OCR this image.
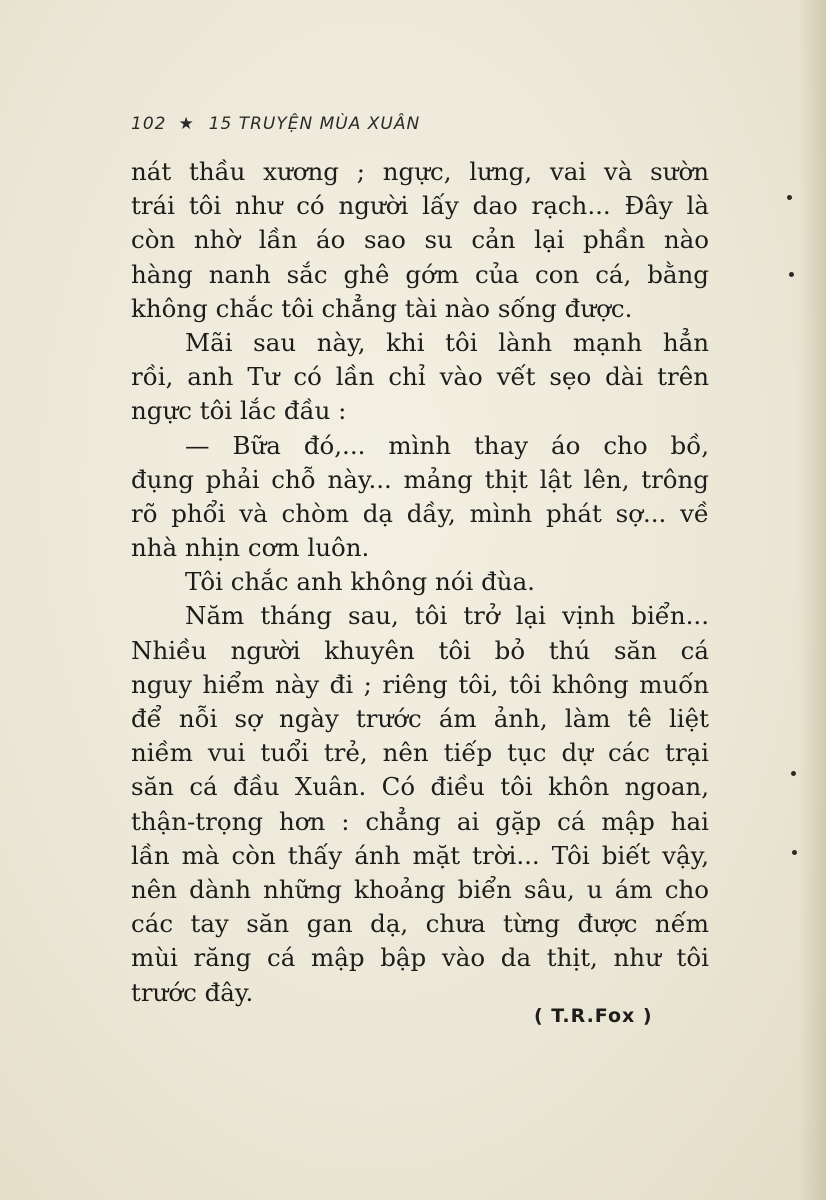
102 ★ 15 TRUYỆN MÙA XUÂN
nát thầu xương ; ngực, lưng, vai và sườn
trái tôi như có người lấy dao rạch... Đây là
còn nhờ lần áo sao su cản lại phần nào
hàng nanh sắc ghê gớm của con cá, bằng
không chắc tôi chẳng tài nào sống được.
Mãi sau này, khi tôi lành mạnh hẳn
rồi, anh Tư có lần chỉ vào vết sẹo dài trên
ngực tôi lắc đầu :
— Bữa đó,... mình thay áo cho bồ,
đụng phải chỗ này... mảng thịt lật lên, trông
rõ phổi và chòm dạ dầy, mình phát sợ... về
nhà nhịn cơm luôn.
Tôi chắc anh không nói đùa.
Năm tháng sau, tôi trở lại vịnh biển...
Nhiều người khuyên tôi bỏ thú săn cá
nguy hiểm này đi ; riêng tôi, tôi không muốn
để nỗi sợ ngày trước ám ảnh, làm tê liệt
niềm vui tuổi trẻ, nên tiếp tục dự các trại
săn cá đầu Xuân. Có điều tôi khôn ngoan,
thận-trọng hơn : chẳng ai gặp cá mập hai
lần mà còn thấy ánh mặt trời... Tôi biết vậy,
nên dành những khoảng biển sâu, u ám cho
các tay săn gan dạ, chưa từng được nếm
mùi răng cá mập bập vào da thịt, như tôi
trước đây.
( T.R.Fox )
